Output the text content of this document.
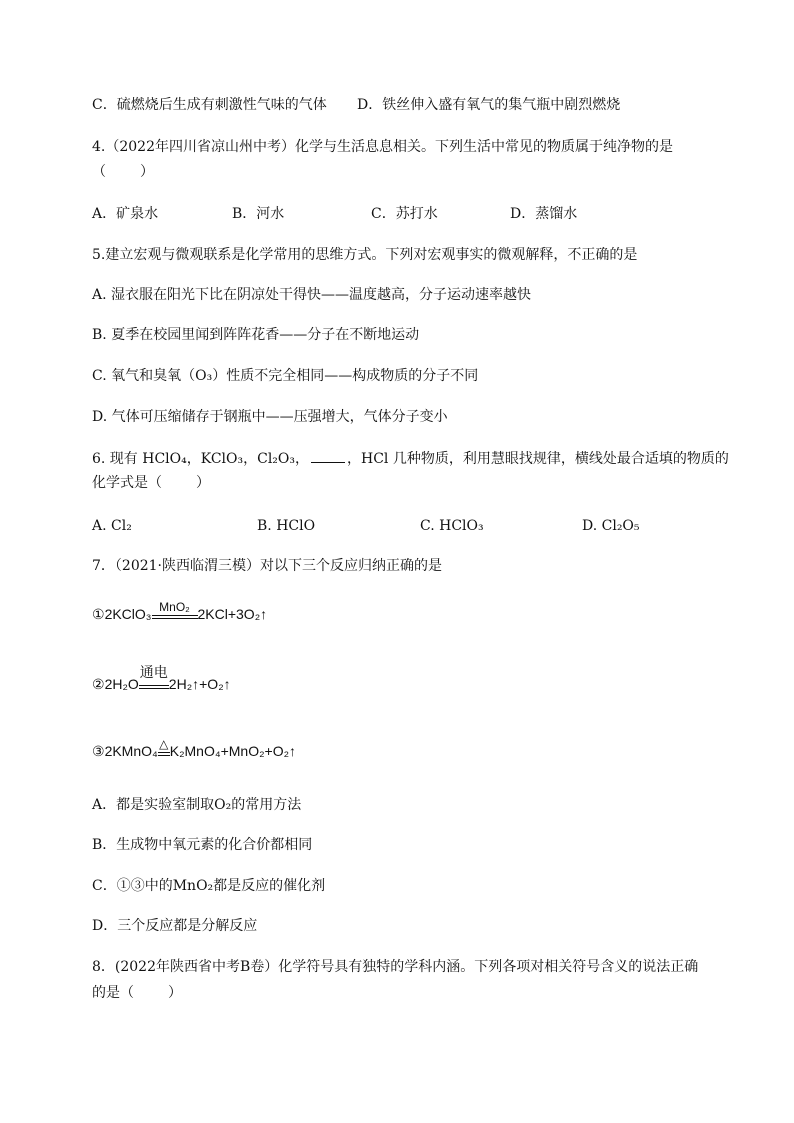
C．硫燃烧后生成有刺激性气味的气体 D．铁丝伸入盛有氧气的集气瓶中剧烈燃烧
4.（2022年四川省凉山州中考）化学与生活息息相关。下列生活中常见的物质属于纯净物的是
（ ）
A．矿泉水	B．河水	C．苏打水	D．蒸馏水
5.建立宏观与微观联系是化学常用的思维方式。下列对宏观事实的微观解释，不正确的是
A. 湿衣服在阳光下比在阴凉处干得快——温度越高，分子运动速率越快
B. 夏季在校园里闻到阵阵花香——分子在不断地运动
C. 氧气和臭氧（O₃）性质不完全相同——构成物质的分子不同
D. 气体可压缩储存于钢瓶中——压强增大，气体分子变小
6. 现有 HClO₄，KClO₃，Cl₂O₃，	，HCl 几种物质，利用慧眼找规律，横线处最合适填的物质的
化学式是（ ）
A. Cl₂	B. HClO	C. HClO₃	D. Cl₂O₅
7．（2021·陕西临渭三模）对以下三个反应归纳正确的是
①2KClO₃ MnO₂ 2KCl+3O₂↑
②2H₂O
通电
2H₂↑+O₂↑
③2KMnO₄ △ K₂MnO₄+MnO₂+O₂↑
A．都是实验室制取O₂的常用方法
B．生成物中氧元素的化合价都相同
C．①③中的MnO₂都是反应的催化剂
D．三个反应都是分解反应
8．(2022年陕西省中考B卷）化学符号具有独特的学科内涵。下列各项对相关符号含义的说法正确
的是（ ）
